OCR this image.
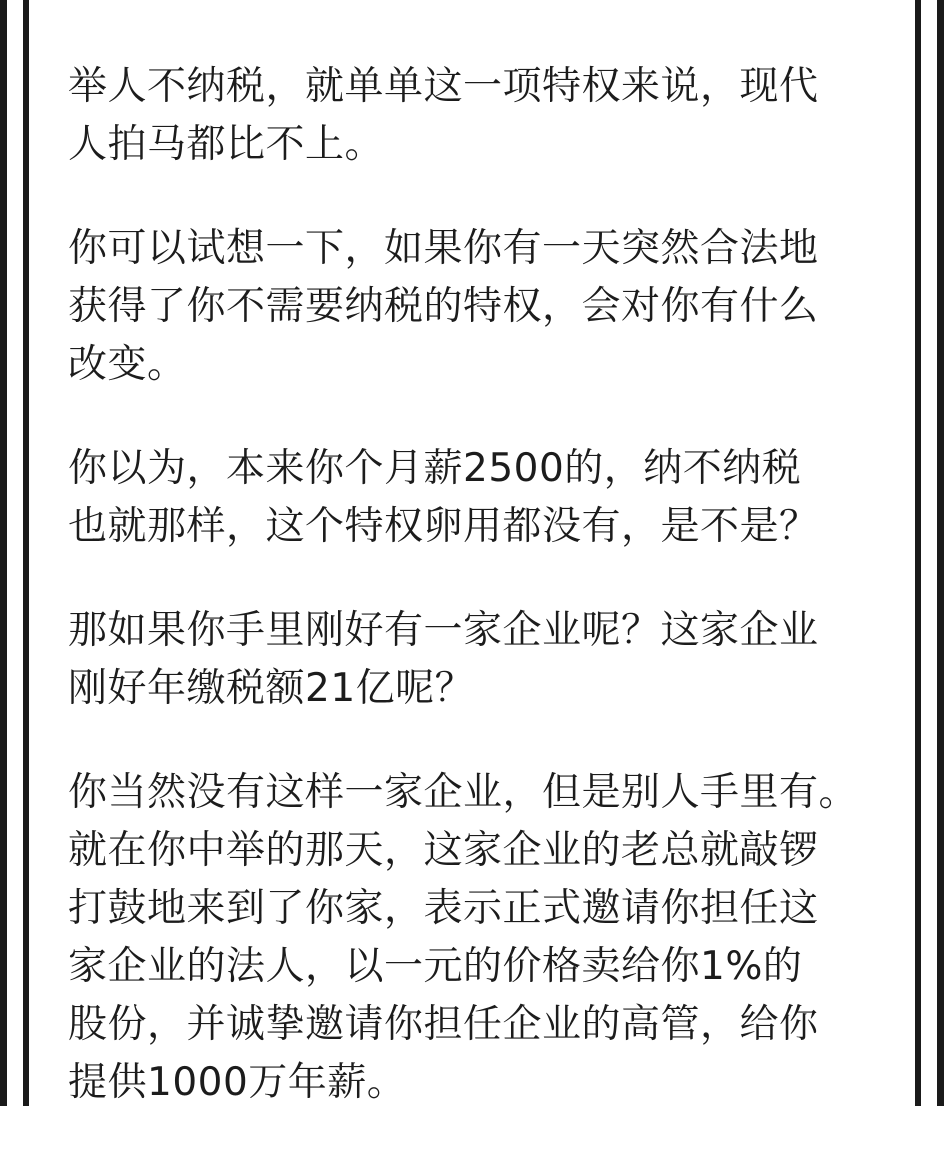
举人不纳税，就单单这一项特权来说，现代
人拍马都比不上。

你可以试想一下，如果你有一天突然合法地
获得了你不需要纳税的特权，会对你有什么
改变。

你以为，本来你个月薪2500的，纳不纳税
也就那样，这个特权卵用都没有，是不是？

那如果你手里刚好有一家企业呢？这家企业
刚好年缴税额21亿呢？

你当然没有这样一家企业，但是别人手里有。
就在你中举的那天，这家企业的老总就敲锣
打鼓地来到了你家，表示正式邀请你担任这
家企业的法人，以一元的价格卖给你1%的
股份，并诚挚邀请你担任企业的高管，给你
提供1000万年薪。
